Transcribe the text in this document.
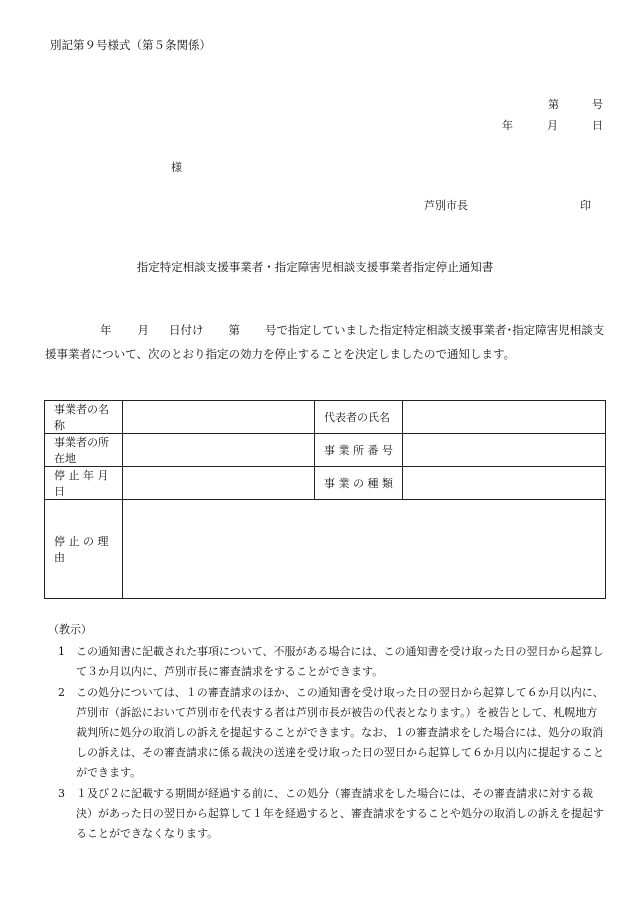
別記第９号様式（第５条関係）
第	号
年	月	日
様
芦別市長	印
指定特定相談支援事業者・指定障害児相談支援事業者指定停止通知書
年 月 日付け 第 号で指定していました指定特定相談支援事業者･指定障害児相談支援事業者について、次のとおり指定の効力を停止することを決定しましたので通知します。
事業者の名称		代表者の氏名	
事業者の所在地		事 業 所 番 号	
停 止 年 月 日		事 業 の 種 類	
停 止 の 理 由			
（教示）
1 この通知書に記載された事項について、不服がある場合には、この通知書を受け取った日の翌日から起算して３か月以内に、芦別市長に審査請求をすることができます。
2 この処分については、１の審査請求のほか、この通知書を受け取った日の翌日から起算して６か月以内に、芦別市（訴訟において芦別市を代表する者は芦別市長が被告の代表となります。）を被告として、札幌地方裁判所に処分の取消しの訴えを提起することができます。なお、１の審査請求をした場合には、処分の取消しの訴えは、その審査請求に係る裁決の送達を受け取った日の翌日から起算して６か月以内に提起することができます。
3 １及び２に記載する期間が経過する前に、この処分（審査請求をした場合には、その審査請求に対する裁決）があった日の翌日から起算して１年を経過すると、審査請求をすることや処分の取消しの訴えを提起することができなくなります。
